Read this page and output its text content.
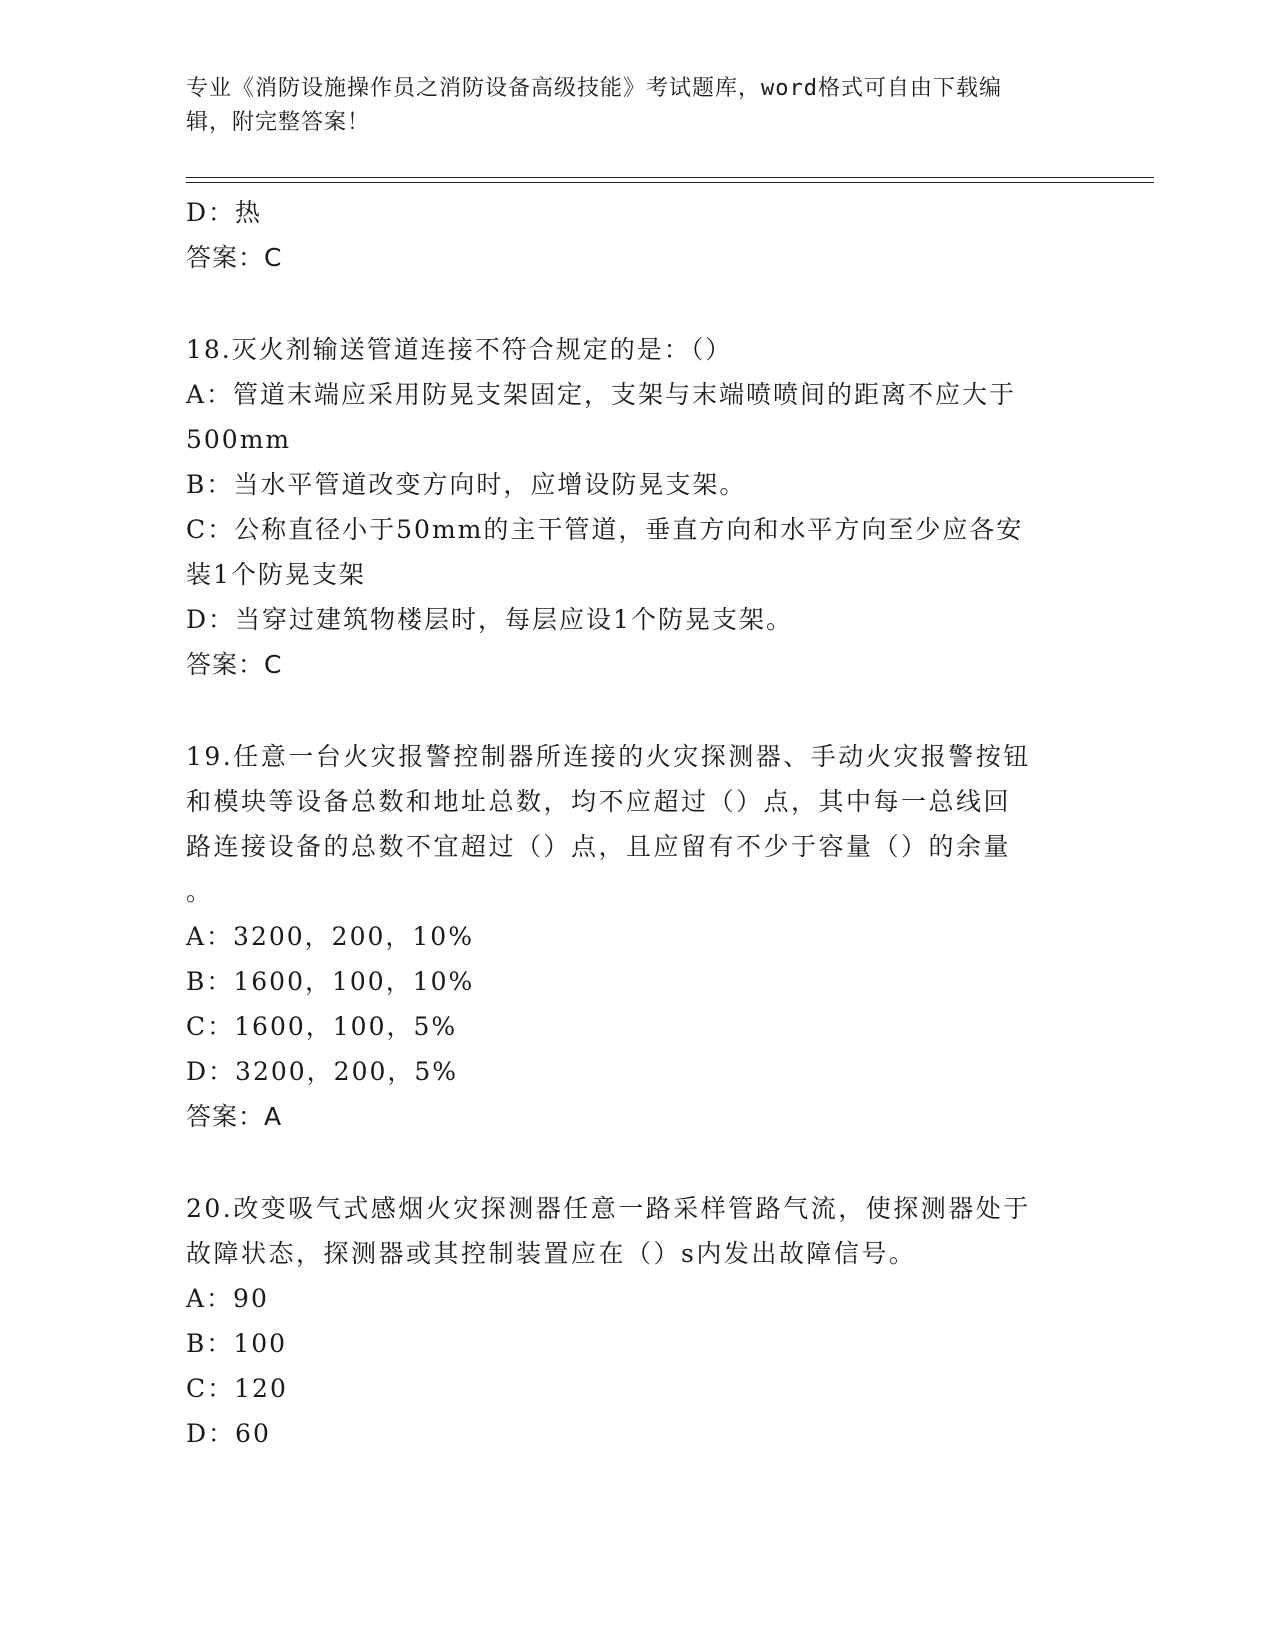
专业《消防设施操作员之消防设备高级技能》考试题库，word格式可自由下载编
辑，附完整答案！
D：热
答案：C
18.灭火剂输送管道连接不符合规定的是：（）
A：管道末端应采用防晃支架固定，支架与末端喷喷间的距离不应大于
500mm
B：当水平管道改变方向时，应增设防晃支架。
C：公称直径小于50mm的主干管道，垂直方向和水平方向至少应各安
装1个防晃支架
D：当穿过建筑物楼层时，每层应设1个防晃支架。
答案：C
19.任意一台火灾报警控制器所连接的火灾探测器、手动火灾报警按钮
和模块等设备总数和地址总数，均不应超过（）点，其中每一总线回
路连接设备的总数不宜超过（）点，且应留有不少于容量（）的余量
。
A：3200，200，10%
B：1600，100，10%
C：1600，100，5%
D：3200，200，5%
答案：A
20.改变吸气式感烟火灾探测器任意一路采样管路气流，使探测器处于
故障状态，探测器或其控制装置应在（）s内发出故障信号。
A：90
B：100
C：120
D：60
